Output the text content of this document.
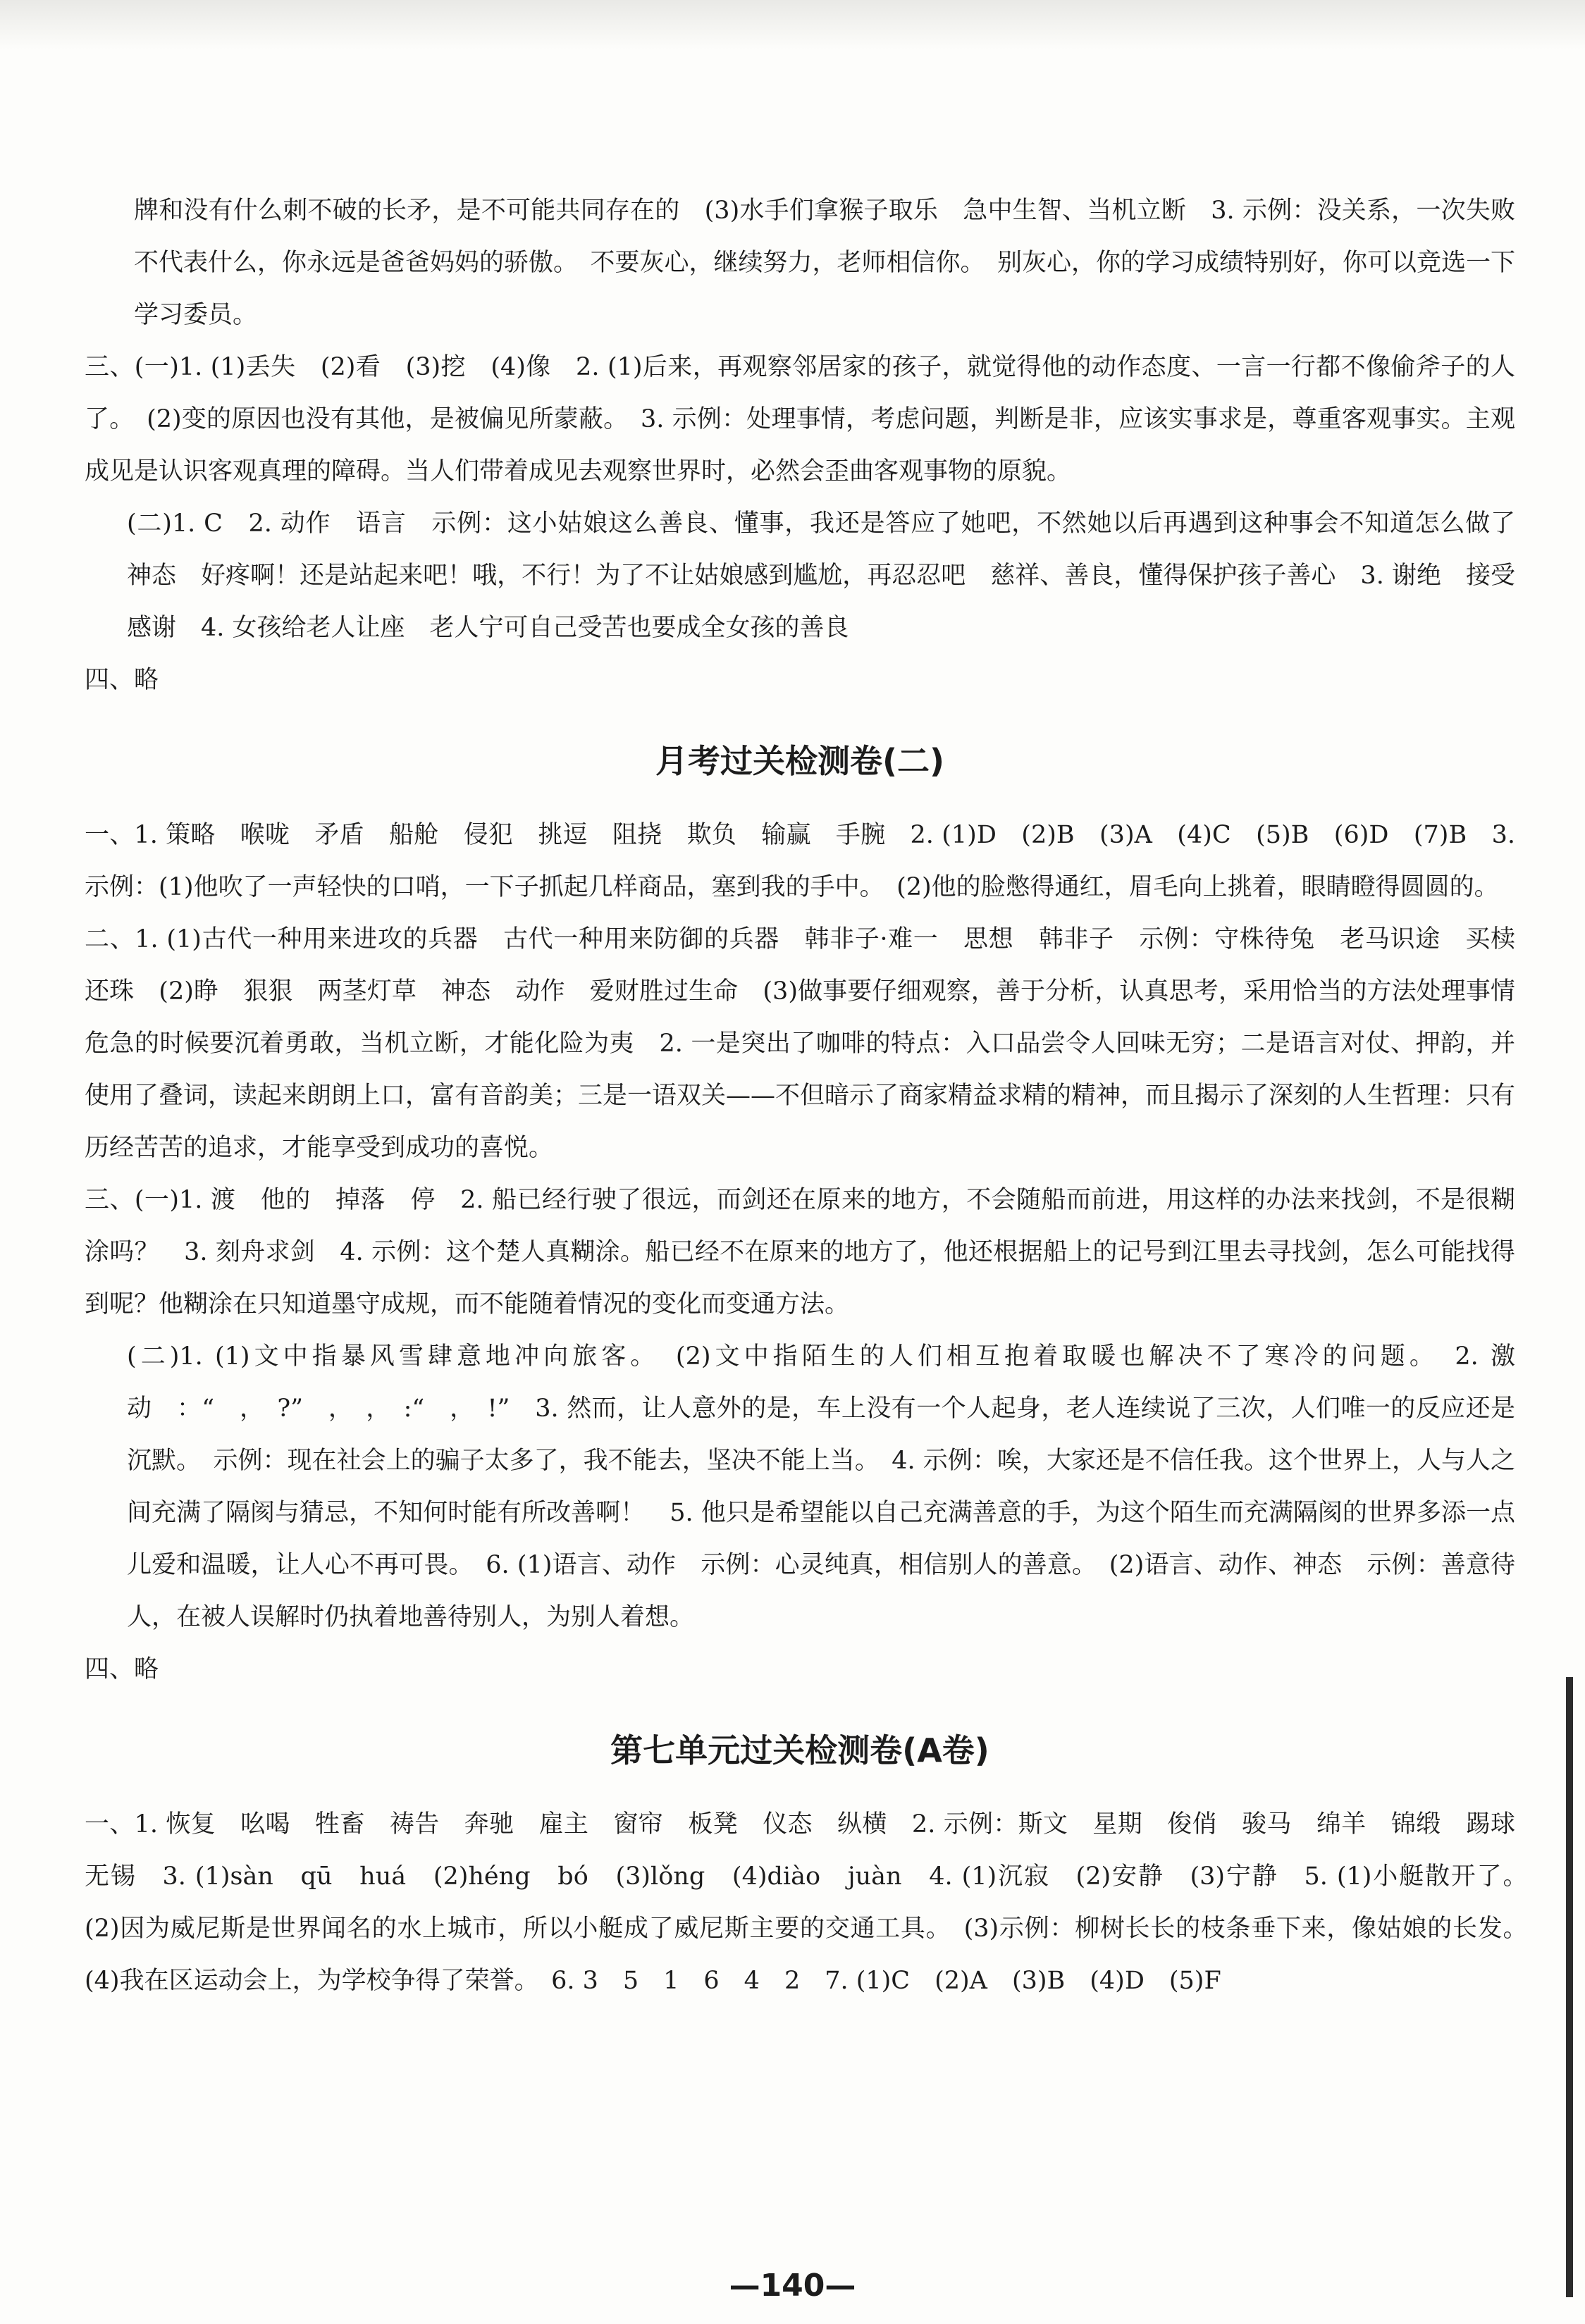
牌和没有什么刺不破的长矛，是不可能共同存在的　(3)水手们拿猴子取乐　急中生智、当机立断　3. 示例：没关系，一次失败不代表什么，你永远是爸爸妈妈的骄傲。　不要灰心，继续努力，老师相信你。　别灰心，你的学习成绩特别好，你可以竞选一下学习委员。

三、(一)1. (1)丢失　(2)看　(3)挖　(4)像　2. (1)后来，再观察邻居家的孩子，就觉得他的动作态度、一言一行都不像偷斧子的人了。　(2)变的原因也没有其他，是被偏见所蒙蔽。　3. 示例：处理事情，考虑问题，判断是非，应该实事求是，尊重客观事实。主观成见是认识客观真理的障碍。当人们带着成见去观察世界时，必然会歪曲客观事物的原貌。

(二)1. C　2. 动作　语言　示例：这小姑娘这么善良、懂事，我还是答应了她吧，不然她以后再遇到这种事会不知道怎么做了　神态　好疼啊！还是站起来吧！哦，不行！为了不让姑娘感到尴尬，再忍忍吧　慈祥、善良，懂得保护孩子善心　3. 谢绝　接受　感谢　4. 女孩给老人让座　老人宁可自己受苦也要成全女孩的善良

四、略

月考过关检测卷(二)

一、1. 策略　喉咙　矛盾　船舱　侵犯　挑逗　阻挠　欺负　输赢　手腕　2. (1)D　(2)B　(3)A　(4)C　(5)B　(6)D　(7)B　3. 示例：(1)他吹了一声轻快的口哨，一下子抓起几样商品，塞到我的手中。　(2)他的脸憋得通红，眉毛向上挑着，眼睛瞪得圆圆的。

二、1. (1)古代一种用来进攻的兵器　古代一种用来防御的兵器　韩非子·难一　思想　韩非子　示例：守株待兔　老马识途　买椟还珠　(2)睁　狠狠　两茎灯草　神态　动作　爱财胜过生命　(3)做事要仔细观察，善于分析，认真思考，采用恰当的方法处理事情　危急的时候要沉着勇敢，当机立断，才能化险为夷　2. 一是突出了咖啡的特点：入口品尝令人回味无穷；二是语言对仗、押韵，并使用了叠词，读起来朗朗上口，富有音韵美；三是一语双关——不但暗示了商家精益求精的精神，而且揭示了深刻的人生哲理：只有历经苦苦的追求，才能享受到成功的喜悦。

三、(一)1. 渡　他的　掉落　停　2. 船已经行驶了很远，而剑还在原来的地方，不会随船而前进，用这样的办法来找剑，不是很糊涂吗？　3. 刻舟求剑　4. 示例：这个楚人真糊涂。船已经不在原来的地方了，他还根据船上的记号到江里去寻找剑，怎么可能找得到呢？他糊涂在只知道墨守成规，而不能随着情况的变化而变通方法。

(二)1. (1)文中指暴风雪肆意地冲向旅客。　(2)文中指陌生的人们相互抱着取暖也解决不了寒冷的问题。　2. 激动　：“　，　?”　，　，　:“　，　!”　3. 然而，让人意外的是，车上没有一个人起身，老人连续说了三次，人们唯一的反应还是沉默。　示例：现在社会上的骗子太多了，我不能去，坚决不能上当。　4. 示例：唉，大家还是不信任我。这个世界上，人与人之间充满了隔阂与猜忌，不知何时能有所改善啊！　5. 他只是希望能以自己充满善意的手，为这个陌生而充满隔阂的世界多添一点儿爱和温暖，让人心不再可畏。　6. (1)语言、动作　示例：心灵纯真，相信别人的善意。　(2)语言、动作、神态　示例：善意待人，在被人误解时仍执着地善待别人，为别人着想。

四、略

第七单元过关检测卷(A卷)

一、1. 恢复　吆喝　牲畜　祷告　奔驰　雇主　窗帘　板凳　仪态　纵横　2. 示例：斯文　星期　俊俏　骏马　绵羊　锦缎　踢球　无锡　3. (1)sàn　qū　huá　(2)héng　bó　(3)lǒng　(4)diào　juàn　4. (1)沉寂　(2)安静　(3)宁静　5. (1)小艇散开了。　(2)因为威尼斯是世界闻名的水上城市，所以小艇成了威尼斯主要的交通工具。　(3)示例：柳树长长的枝条垂下来，像姑娘的长发。　(4)我在区运动会上，为学校争得了荣誉。　6. 3　5　1　6　4　2　7. (1)C　(2)A　(3)B　(4)D　(5)F

—140—
